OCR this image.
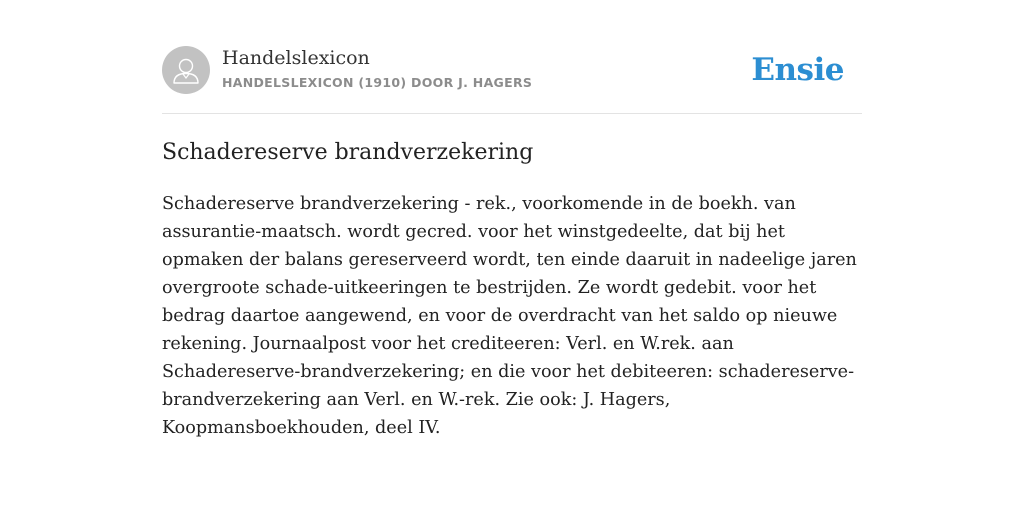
Handelslexicon
HANDELSLEXICON (1910) DOOR J. HAGERS	Ensie
Schadereserve brandverzekering

Schadereserve brandverzekering - rek., voorkomende in de boekh. van assurantie-maatsch. wordt gecred. voor het winstgedeelte, dat bij het opmaken der balans gereserveerd wordt, ten einde daaruit in nadeelige jaren overgroote schade-uitkeeringen te bestrijden. Ze wordt gedebit. voor het bedrag daartoe aangewend, en voor de overdracht van het saldo op nieuwe rekening. Journaalpost voor het crediteeren: Verl. en W.rek. aan Schadereserve-brandverzekering; en die voor het debiteeren: schadereserve-brandverzekering aan Verl. en W.-rek. Zie ook: J. Hagers, Koopmansboekhouden, deel IV.
